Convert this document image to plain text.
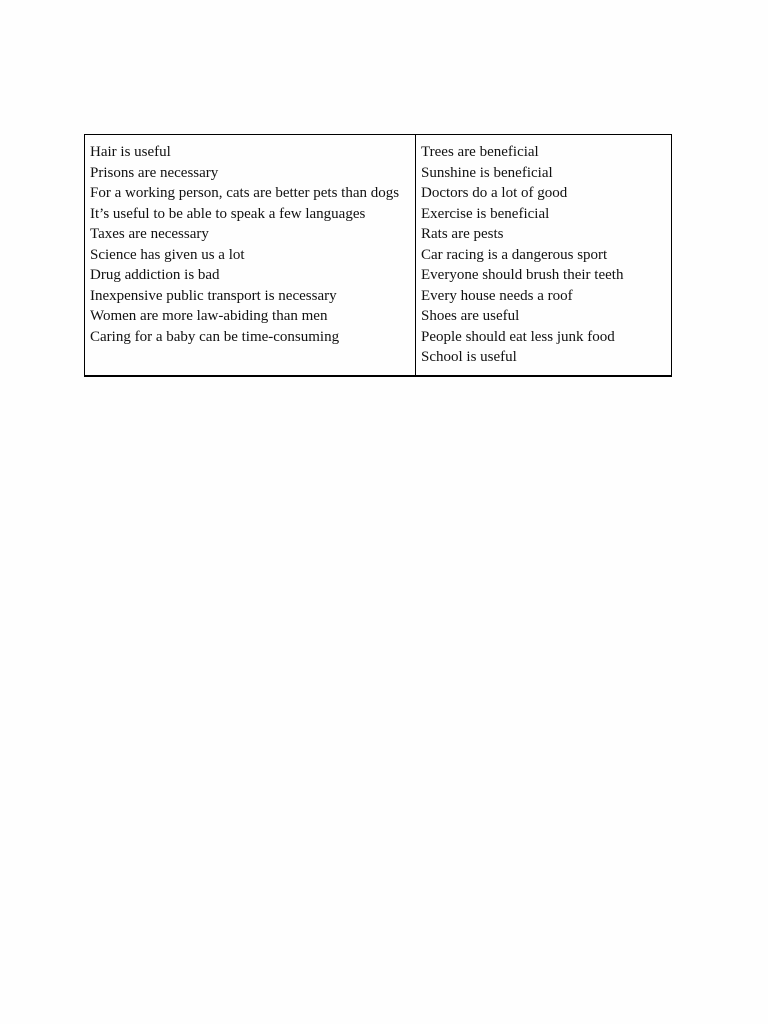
Hair is useful
Prisons are necessary
For a working person, cats are better pets than dogs
It’s useful to be able to speak a few languages
Taxes are necessary
Science has given us a lot
Drug addiction is bad
Inexpensive public transport is necessary
Women are more law-abiding than men
Caring for a baby can be time-consuming

Trees are beneficial
Sunshine is beneficial
Doctors do a lot of good
Exercise is beneficial
Rats are pests
Car racing is a dangerous sport
Everyone should brush their teeth
Every house needs a roof
Shoes are useful
People should eat less junk food
School is useful
